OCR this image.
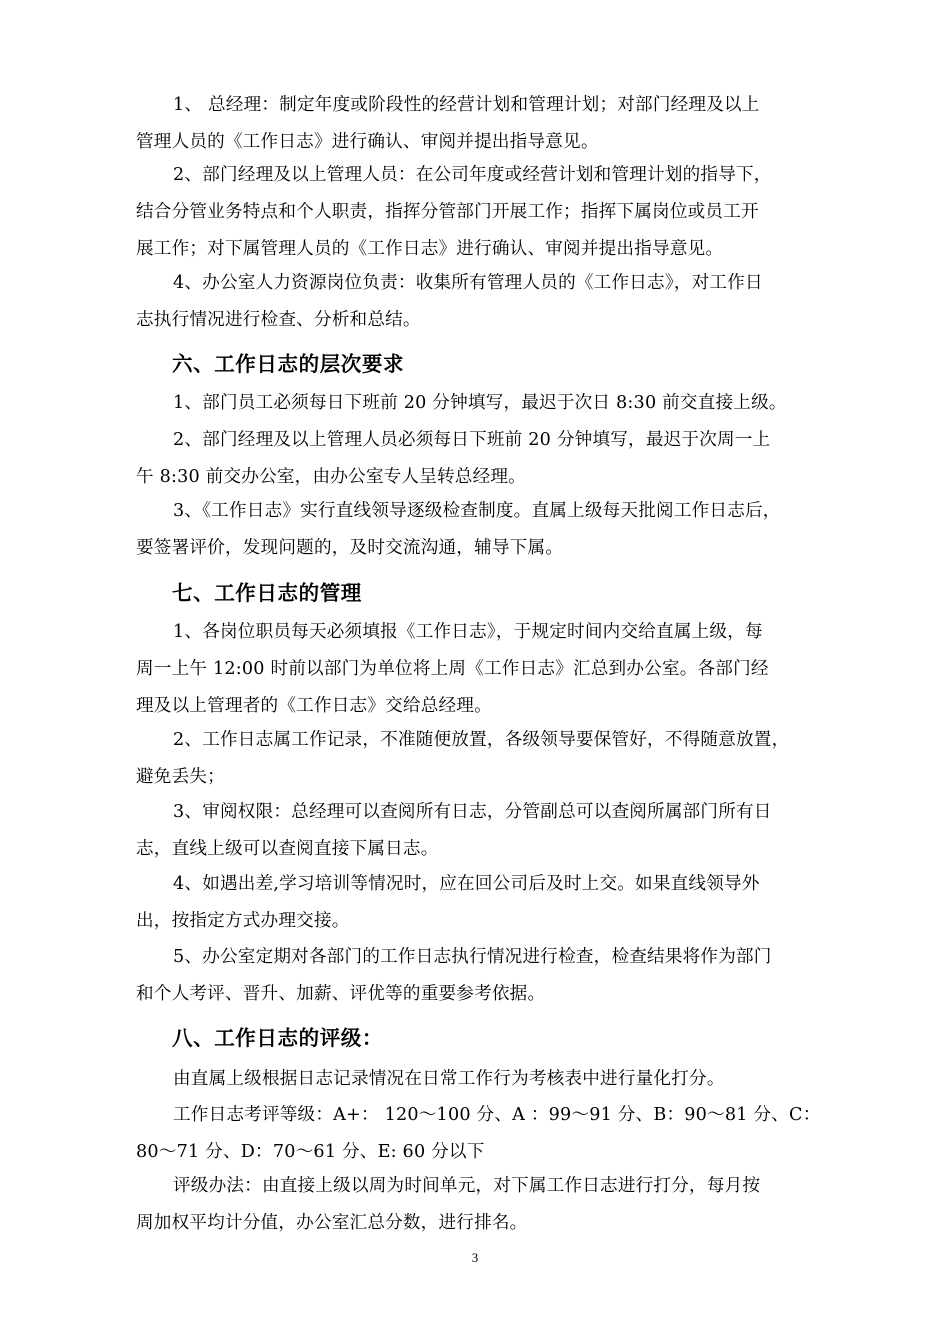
1、 总经理：制定年度或阶段性的经营计划和管理计划；对部门经理及以上
管理人员的《工作日志》进行确认、审阅并提出指导意见。
2、部门经理及以上管理人员：在公司年度或经营计划和管理计划的指导下，
结合分管业务特点和个人职责，指挥分管部门开展工作；指挥下属岗位或员工开
展工作；对下属管理人员的《工作日志》进行确认、审阅并提出指导意见。
4、办公室人力资源岗位负责：收集所有管理人员的《工作日志》，对工作日
志执行情况进行检查、分析和总结。
六、工作日志的层次要求
1、部门员工必须每日下班前 20 分钟填写，最迟于次日 8:30 前交直接上级。
2、部门经理及以上管理人员必须每日下班前 20 分钟填写，最迟于次周一上
午 8:30 前交办公室，由办公室专人呈转总经理。
3、《工作日志》实行直线领导逐级检查制度。直属上级每天批阅工作日志后，
要签署评价，发现问题的，及时交流沟通，辅导下属。
七、工作日志的管理
1、各岗位职员每天必须填报《工作日志》，于规定时间内交给直属上级，每
周一上午 12:00 时前以部门为单位将上周《工作日志》汇总到办公室。各部门经
理及以上管理者的《工作日志》交给总经理。
2、工作日志属工作记录，不准随便放置，各级领导要保管好，不得随意放置，
避免丢失；
3、审阅权限：总经理可以查阅所有日志，分管副总可以查阅所属部门所有日
志，直线上级可以查阅直接下属日志。
4、如遇出差,学习培训等情况时，应在回公司后及时上交。如果直线领导外
出，按指定方式办理交接。
5、办公室定期对各部门的工作日志执行情况进行检查，检查结果将作为部门
和个人考评、晋升、加薪、评优等的重要参考依据。
八、工作日志的评级：
由直属上级根据日志记录情况在日常工作行为考核表中进行量化打分。
工作日志考评等级：A+： 120～100 分、A ：99～91 分、B：90～81 分、C：
80～71 分、D：70～61 分、E: 60 分以下
评级办法：由直接上级以周为时间单元，对下属工作日志进行打分，每月按
周加权平均计分值，办公室汇总分数，进行排名。
3
